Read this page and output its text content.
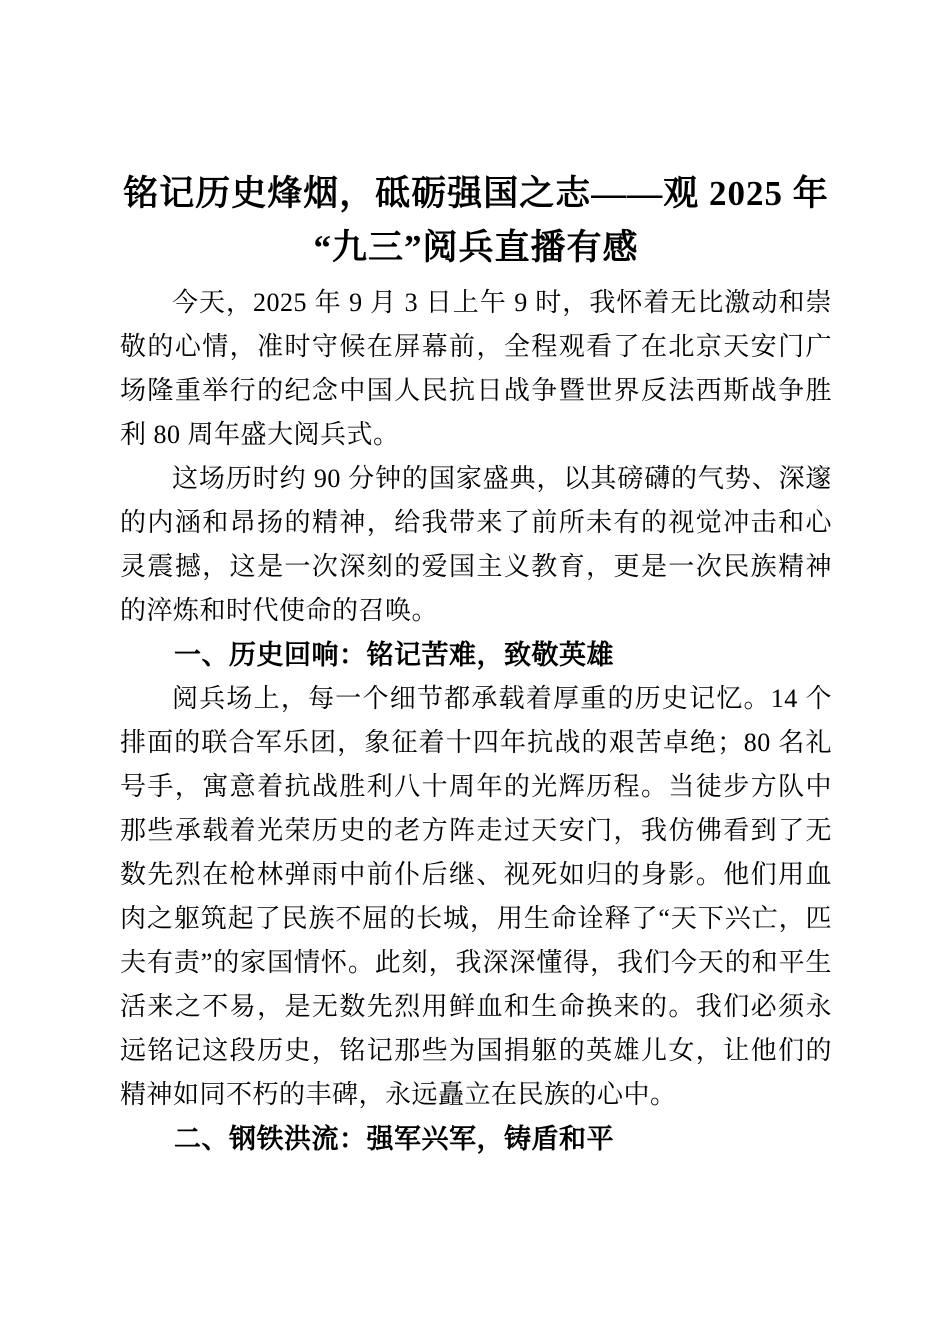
铭记历史烽烟，砥砺强国之志——观 2025 年
“九三”阅兵直播有感

今天，2025 年 9 月 3 日上午 9 时，我怀着无比激动和崇敬的心情，准时守候在屏幕前，全程观看了在北京天安门广场隆重举行的纪念中国人民抗日战争暨世界反法西斯战争胜利 80 周年盛大阅兵式。

这场历时约 90 分钟的国家盛典，以其磅礴的气势、深邃的内涵和昂扬的精神，给我带来了前所未有的视觉冲击和心灵震撼，这是一次深刻的爱国主义教育，更是一次民族精神的淬炼和时代使命的召唤。

一、历史回响：铭记苦难，致敬英雄

阅兵场上，每一个细节都承载着厚重的历史记忆。14 个排面的联合军乐团，象征着十四年抗战的艰苦卓绝；80 名礼号手，寓意着抗战胜利八十周年的光辉历程。当徒步方队中那些承载着光荣历史的老方阵走过天安门，我仿佛看到了无数先烈在枪林弹雨中前仆后继、视死如归的身影。他们用血肉之躯筑起了民族不屈的长城，用生命诠释了“天下兴亡，匹夫有责”的家国情怀。此刻，我深深懂得，我们今天的和平生活来之不易，是无数先烈用鲜血和生命换来的。我们必须永远铭记这段历史，铭记那些为国捐躯的英雄儿女，让他们的精神如同不朽的丰碑，永远矗立在民族的心中。

二、钢铁洪流：强军兴军，铸盾和平
